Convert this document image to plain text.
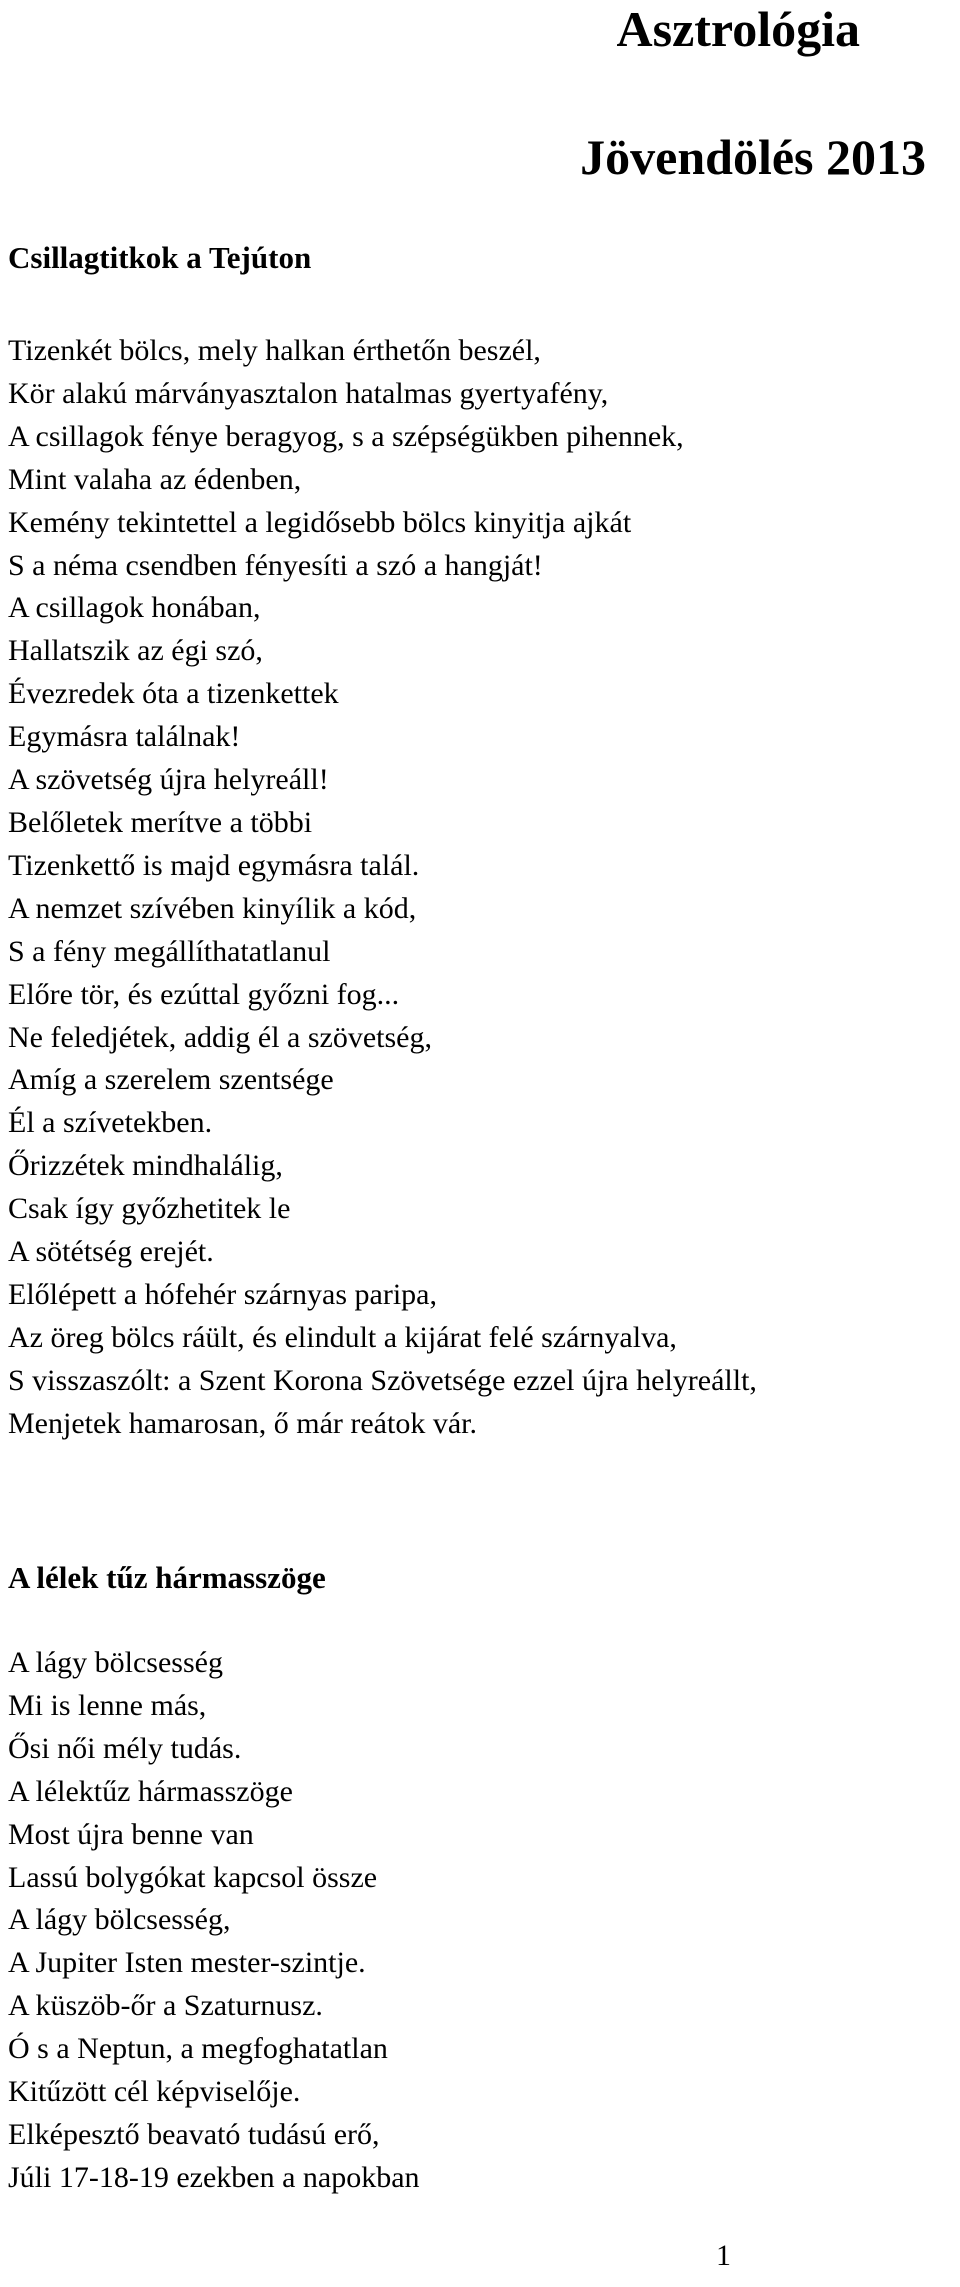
Asztrológia
Jövendölés 2013
Csillagtitkok a Tejúton
Tizenkét bölcs, mely halkan érthetőn beszél,
Kör alakú márványasztalon hatalmas gyertyafény,
A csillagok fénye beragyog, s a szépségükben pihennek,
Mint valaha az édenben,
Kemény tekintettel a legidősebb bölcs kinyitja ajkát
S a néma csendben fényesíti a szó a hangját!
A csillagok honában,
Hallatszik az égi szó,
Évezredek óta a tizenkettek
Egymásra találnak!
A szövetség újra helyreáll!
Belőletek merítve a többi
Tizenkettő is majd egymásra talál.
A nemzet szívében kinyílik a kód,
S a fény megállíthatatlanul
Előre tör, és ezúttal győzni fog...
Ne feledjétek, addig él a szövetség,
Amíg a szerelem szentsége
Él a szívetekben.
Őrizzétek mindhalálig,
Csak így győzhetitek le
A sötétség erejét.
Előlépett a hófehér szárnyas paripa,
Az öreg bölcs ráült, és elindult a kijárat felé szárnyalva,
S visszaszólt: a Szent Korona Szövetsége ezzel újra helyreállt,
Menjetek hamarosan, ő már reátok vár.
A lélek tűz hármasszöge
A lágy bölcsesség
Mi is lenne más,
Ősi női mély tudás.
A lélektűz hármasszöge
Most újra benne van
Lassú bolygókat kapcsol össze
A lágy bölcsesség,
A Jupiter Isten mester-szintje.
A küszöb-őr a Szaturnusz.
Ó s a Neptun, a megfoghatatlan
Kitűzött cél képviselője.
Elképesztő beavató tudású erő,
Júli 17-18-19 ezekben a napokban
1
